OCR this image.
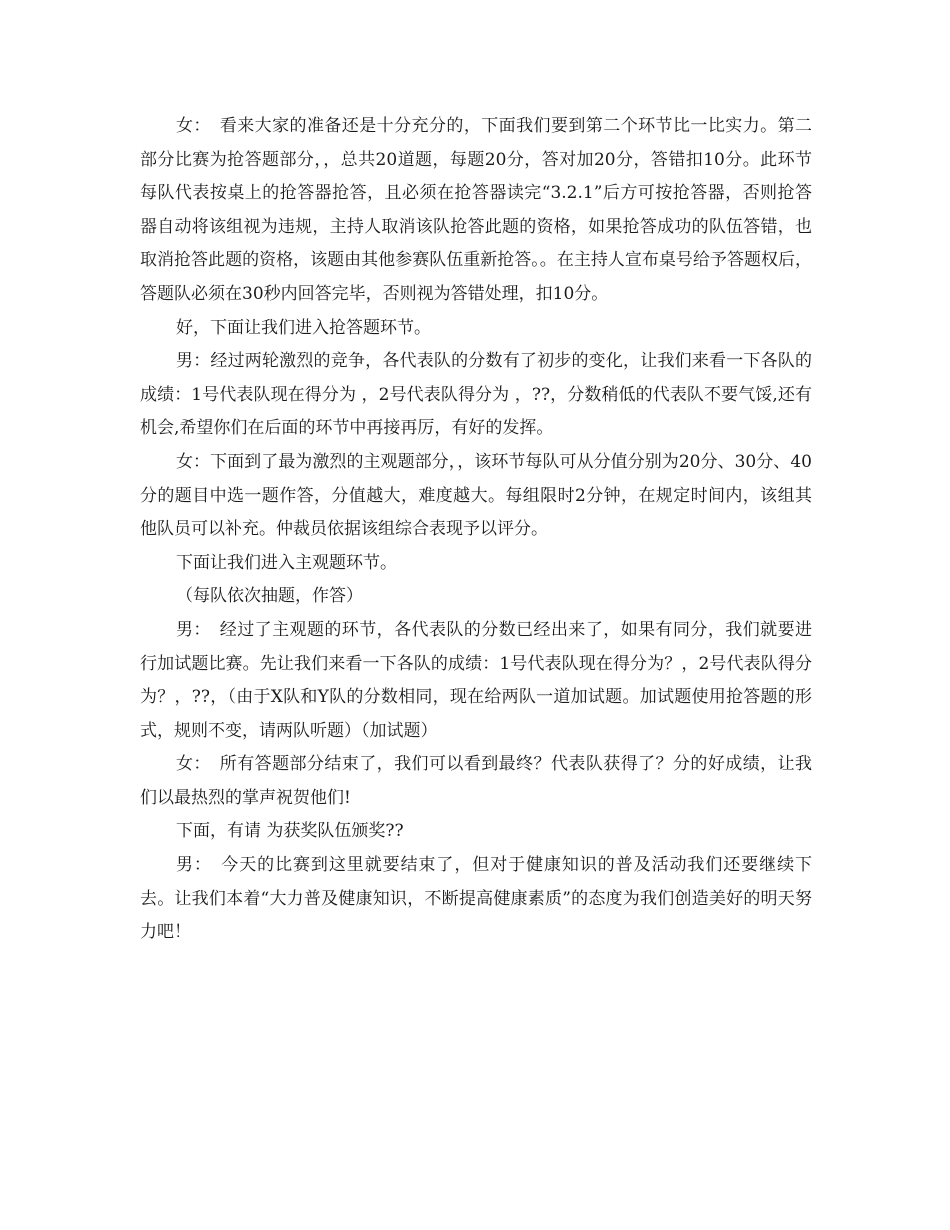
女：　看来大家的准备还是十分充分的，下面我们要到第二个环节比一比实力。第二部分比赛为抢答题部分，，总共20道题，每题20分，答对加20分，答错扣10分。此环节每队代表按桌上的抢答器抢答，且必须在抢答器读完“3.2.1”后方可按抢答器，否则抢答器自动将该组视为违规，主持人取消该队抢答此题的资格，如果抢答成功的队伍答错，也取消抢答此题的资格，该题由其他参赛队伍重新抢答。。在主持人宣布桌号给予答题权后，答题队必须在30秒内回答完毕，否则视为答错处理，扣10分。

好，下面让我们进入抢答题环节。

男：经过两轮激烈的竞争，各代表队的分数有了初步的变化，让我们来看一下各队的成绩：1号代表队现在得分为 ，2号代表队得分为 ，??，分数稍低的代表队不要气馁,还有机会,希望你们在后面的环节中再接再厉，有好的发挥。

女：下面到了最为激烈的主观题部分，，该环节每队可从分值分别为20分、30分、40分的题目中选一题作答，分值越大，难度越大。每组限时2分钟，在规定时间内，该组其他队员可以补充。仲裁员依据该组综合表现予以评分。

下面让我们进入主观题环节。

（每队依次抽题，作答）

男：　经过了主观题的环节，各代表队的分数已经出来了，如果有同分，我们就要进行加试题比赛。先让我们来看一下各队的成绩：1号代表队现在得分为？，2号代表队得分为？，??，（由于X队和Y队的分数相同，现在给两队一道加试题。加试题使用抢答题的形式，规则不变，请两队听题）（加试题）

女：　所有答题部分结束了，我们可以看到最终？代表队获得了？分的好成绩，让我们以最热烈的掌声祝贺他们!

下面，有请 为获奖队伍颁奖??

男：　今天的比赛到这里就要结束了，但对于健康知识的普及活动我们还要继续下去。让我们本着“大力普及健康知识，不断提高健康素质”的态度为我们创造美好的明天努力吧！
